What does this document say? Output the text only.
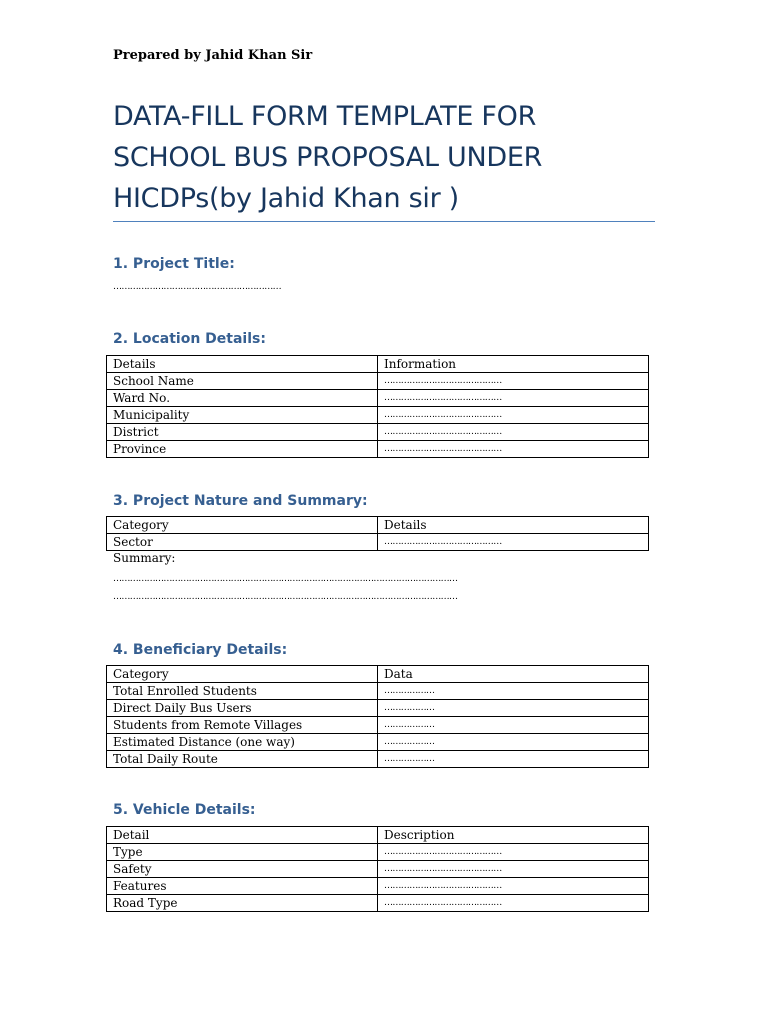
Prepared by Jahid Khan Sir
DATA-FILL FORM TEMPLATE FOR
SCHOOL BUS PROPOSAL UNDER
HICDPs(by Jahid Khan sir )
1. Project Title:
……………………………………………………
2. Location Details:
Details	Information
School Name	……………………………………
Ward No.	……………………………………
Municipality	……………………………………
District	……………………………………
Province	……………………………………
3. Project Nature and Summary:
Category	Details
Sector	……………………………………
Summary:
……………………………………………………………………………………………………………
……………………………………………………………………………………………………………
4. Beneficiary Details:
Category	Data
Total Enrolled Students	………………
Direct Daily Bus Users	………………
Students from Remote Villages	………………
Estimated Distance (one way)	………………
Total Daily Route	………………
5. Vehicle Details:
Detail	Description
Type	……………………………………
Safety	……………………………………
Features	……………………………………
Road Type	……………………………………
